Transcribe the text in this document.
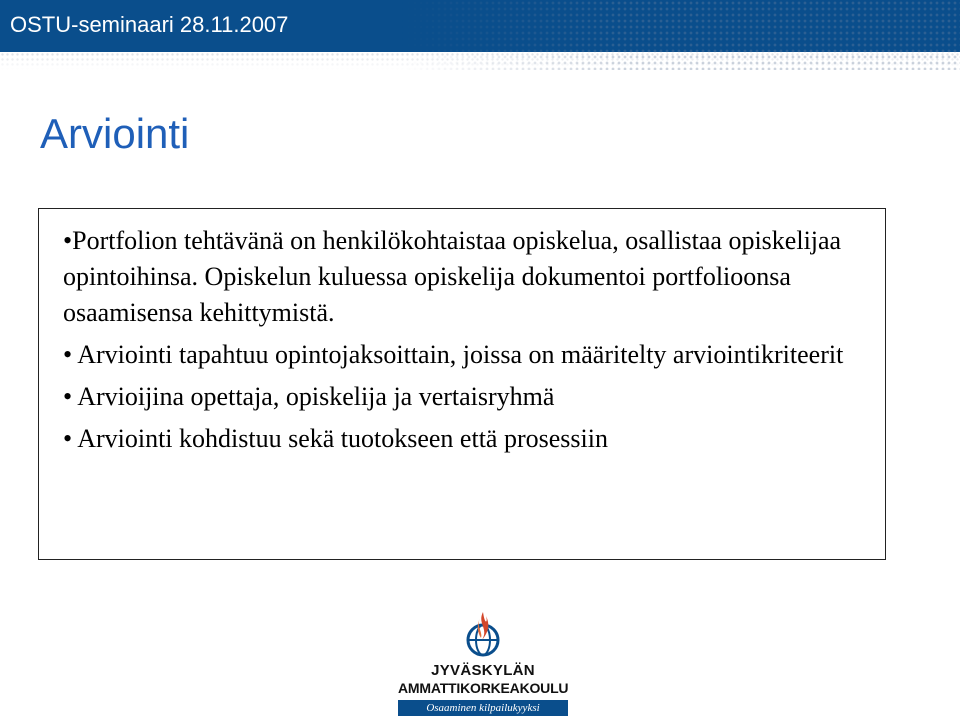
OSTU-seminaari 28.11.2007
Arviointi
•Portfolion tehtävänä on henkilökohtaistaa opiskelua, osallistaa opiskelijaa opintoihinsa. Opiskelun kuluessa opiskelija dokumentoi portfolioonsa osaamisensa kehittymistä.
• Arviointi tapahtuu opintojaksoittain, joissa on määritelty arviointikriteerit
• Arvioijina opettaja, opiskelija ja vertaisryhmä
• Arviointi kohdistuu sekä tuotokseen että prosessiin
JYVÄSKYLÄN
AMMATTIKORKEAKOULU
Osaaminen kilpailukyyksi
